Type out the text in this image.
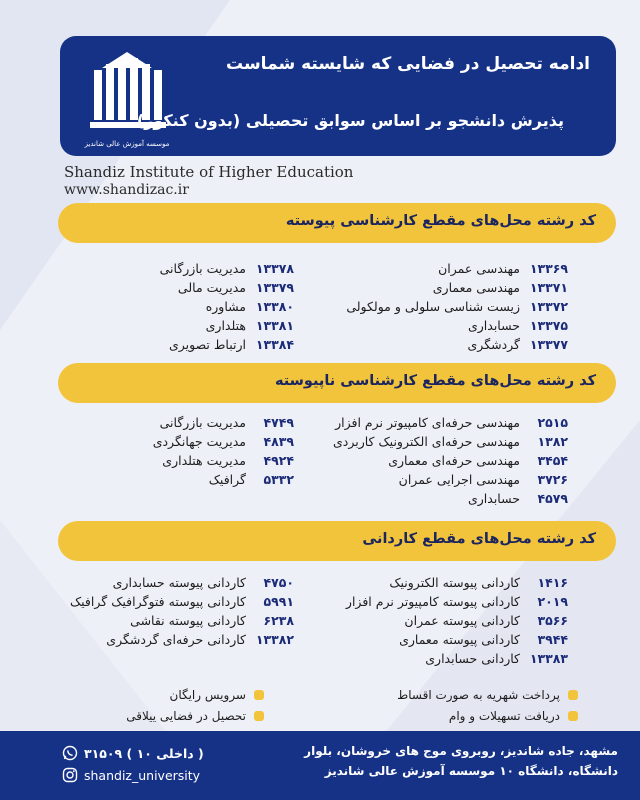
موسسه آموزش عالی شاندیز
ادامه تحصیل در فضایی که شایسته شماست
پذیرش دانشجو بر اساس سوابق تحصیلی (بدون کنکور)
Shandiz Institute of Higher Education
www.shandizac.ir
کد رشته محل‌های مقطع کارشناسی پیوسته
۱۳۳۶۹
مهندسی عمران
۱۳۳۷۱
مهندسی معماری
۱۳۳۷۲
زیست شناسی سلولی و مولکولی
۱۳۳۷۵
حسابداری
۱۳۳۷۷
گردشگری
۱۳۳۷۸
مدیریت بازرگانی
۱۳۳۷۹
مدیریت مالی
۱۳۳۸۰
مشاوره
۱۳۳۸۱
هتلداری
۱۳۳۸۴
ارتباط تصویری
کد رشته محل‌های مقطع کارشناسی ناپیوسته
۲۵۱۵
مهندسی حرفه‌ای کامپیوتر نرم افزار
۱۳۸۲
مهندسی حرفه‌ای الکترونیک کاربردی
۳۴۵۴
مهندسی حرفه‌ای معماری
۳۷۲۶
مهندسی اجرایی عمران
۴۵۷۹
حسابداری
۴۷۴۹
مدیریت بازرگانی
۴۸۳۹
مدیریت جهانگردی
۴۹۲۴
مدیریت هتلداری
۵۳۳۲
گرافیک
کد رشته محل‌های مقطع کاردانی
۱۴۱۶
کاردانی پیوسته الکترونیک
۲۰۱۹
کاردانی پیوسته کامپیوتر نرم افزار
۳۵۶۶
کاردانی پیوسته عمران
۳۹۴۴
کاردانی پیوسته معماری
۱۳۳۸۳
کاردانی حسابداری
۴۷۵۰
کاردانی پیوسته حسابداری
۵۹۹۱
کاردانی پیوسته فتوگرافیک گرافیک
۶۲۳۸
کاردانی پیوسته نقاشی
۱۳۳۸۲
کاردانی حرفه‌ای گردشگری
پرداخت شهریه به صورت اقساط
دریافت تسهیلات و وام
سرویس رایگان
تحصیل در فضایی ییلاقی
مشهد، جاده شاندیز، روبروی موج های خروشان، بلوار
دانشگاه، دانشگاه ۱۰ موسسه آموزش عالی شاندیز
( داخلی ۱۰ ) ۳۱۵۰۹
shandiz_university
